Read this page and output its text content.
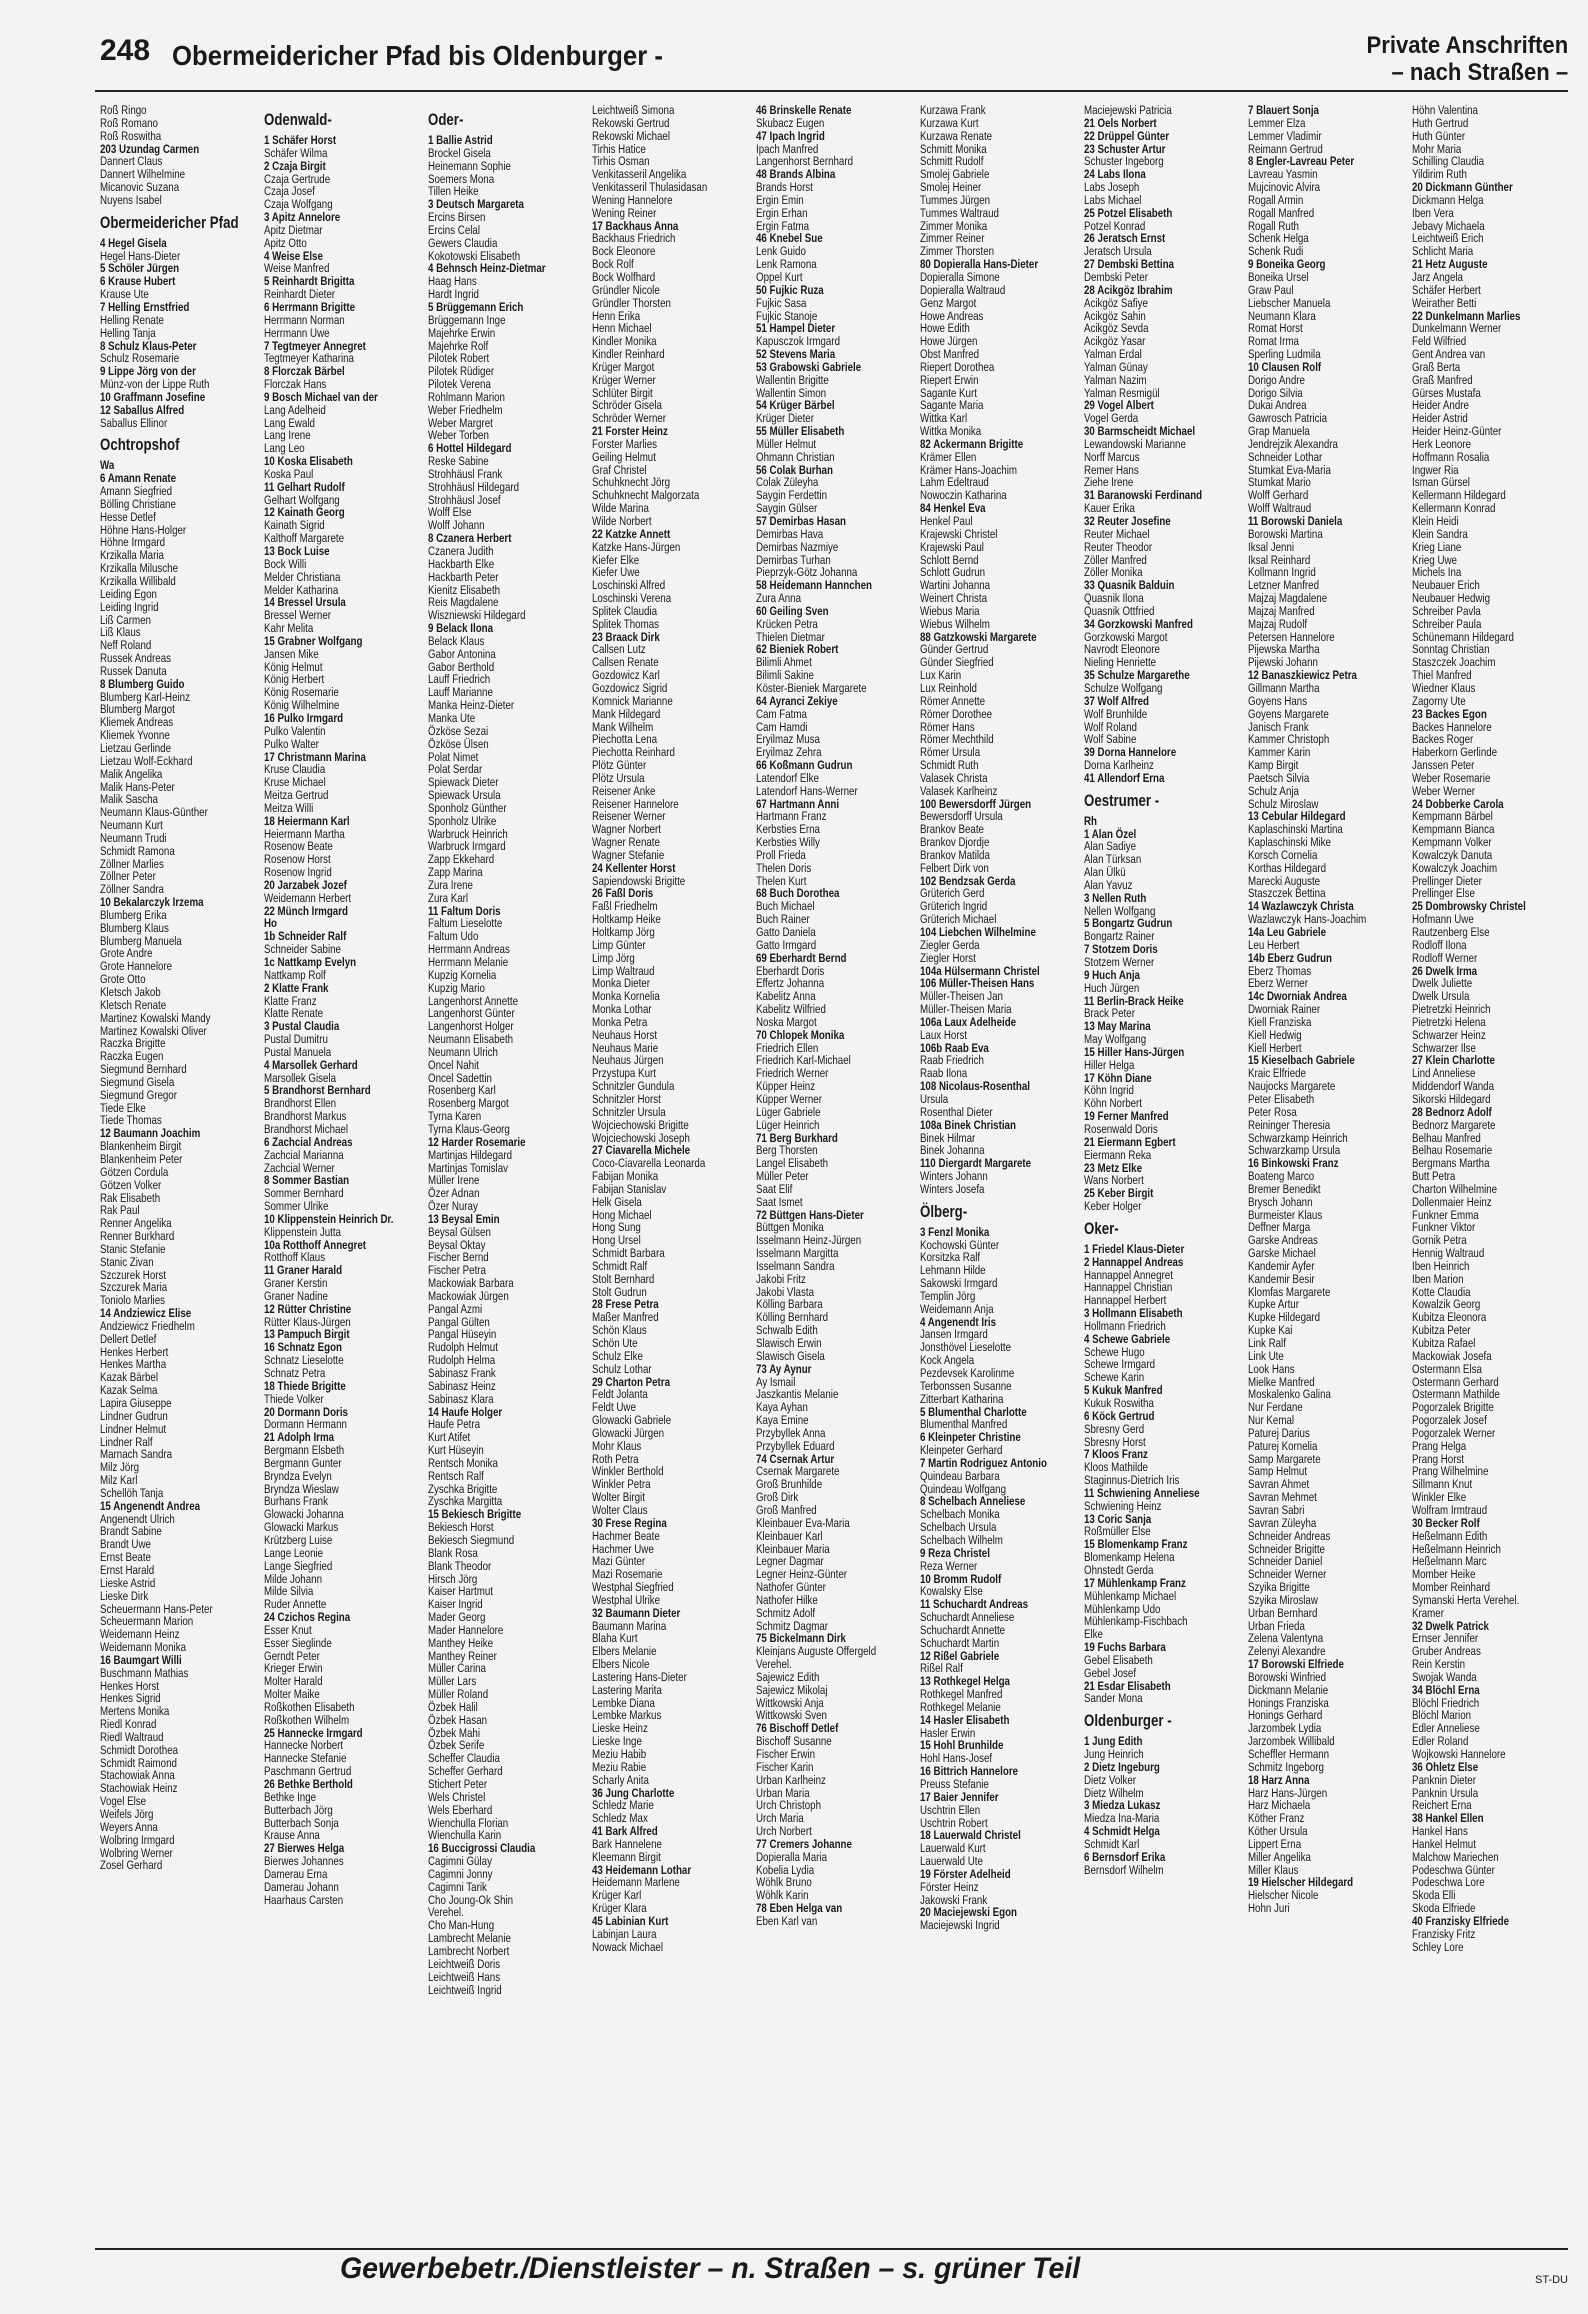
248 Obermeidericher Pfad bis Oldenburger -	Private Anschriften
– nach Straßen –
Roß Ringo
Roß Romano
Roß Roswitha
203 Uzundag Carmen
Dannert Claus
Dannert Wilhelmine
Micanovic Suzana
Nuyens Isabel
Obermeidericher Pfad
4 Hegel Gisela
Hegel Hans-Dieter
5 Schöler Jürgen
6 Krause Hubert
Krause Ute
7 Helling Ernstfried
Helling Renate
Helling Tanja
8 Schulz Klaus-Peter
Schulz Rosemarie
9 Lippe Jörg von der
Münz-von der Lippe Ruth
10 Graffmann Josefine
12 Saballus Alfred
Saballus Ellinor
Ochtropshof
Wa
6 Amann Renate
Amann Siegfried
Bölling Christiane
Hesse Detlef
Höhne Hans-Holger
Höhne Irmgard
Krzikalla Maria
Krzikalla Milusche
Krzikalla Willibald
Leiding Egon
Leiding Ingrid
Liß Carmen
Liß Klaus
Neff Roland
Russek Andreas
Russek Danuta
8 Blumberg Guido
Blumberg Karl-Heinz
Blumberg Margot
Kliemek Andreas
Kliemek Yvonne
Lietzau Gerlinde
Lietzau Wolf-Eckhard
Malik Angelika
Malik Hans-Peter
Malik Sascha
Neumann Klaus-Günther
Neumann Kurt
Neumann Trudi
Schmidt Ramona
Zöllner Marlies
Zöllner Peter
Zöllner Sandra
10 Bekalarczyk Irzema
Blumberg Erika
Blumberg Klaus
Blumberg Manuela
Grote Andre
Grote Hannelore
Grote Otto
Kletsch Jakob
Kletsch Renate
Martinez Kowalski Mandy
Martinez Kowalski Oliver
Raczka Brigitte
Raczka Eugen
Siegmund Bernhard
Siegmund Gisela
Siegmund Gregor
Tiede Elke
Tiede Thomas
12 Baumann Joachim
Blankenheim Birgit
Blankenheim Peter
Götzen Cordula
Götzen Volker
Rak Elisabeth
Rak Paul
Renner Angelika
Renner Burkhard
Stanic Stefanie
Stanic Zivan
Szczurek Horst
Szczurek Maria
Toniolo Marlies
14 Andziewicz Elise
Andziewicz Friedhelm
Dellert Detlef
Henkes Herbert
Henkes Martha
Kazak Bärbel
Kazak Selma
Lapira Giuseppe
Lindner Gudrun
Lindner Helmut
Lindner Ralf
Marnach Sandra
Milz Jörg
Milz Karl
Schellöh Tanja
15 Angenendt Andrea
Angenendt Ulrich
Brandt Sabine
Brandt Uwe
Ernst Beate
Ernst Harald
Lieske Astrid
Lieske Dirk
Scheuermann Hans-Peter
Scheuermann Marion
Weidemann Heinz
Weidemann Monika
16 Baumgart Willi
Buschmann Mathias
Henkes Horst
Henkes Sigrid
Mertens Monika
Riedl Konrad
Riedl Waltraud
Schmidt Dorothea
Schmidt Raimond
Stachowiak Anna
Stachowiak Heinz
Vogel Else
Weifels Jörg
Weyers Anna
Wolbring Irmgard
Wolbring Werner
Zosel Gerhard
Odenwald-
1 Schäfer Horst
Schäfer Wilma
2 Czaja Birgit
Czaja Gertrude
Czaja Josef
Czaja Wolfgang
3 Apitz Annelore
Apitz Dietmar
Apitz Otto
4 Weise Else
Weise Manfred
5 Reinhardt Brigitta
Reinhardt Dieter
6 Herrmann Brigitte
Herrmann Norman
Herrmann Uwe
7 Tegtmeyer Annegret
Tegtmeyer Katharina
8 Florczak Bärbel
Florczak Hans
9 Bosch Michael van der
Lang Adelheid
Lang Ewald
Lang Irene
Lang Leo
10 Koska Elisabeth
Koska Paul
11 Gelhart Rudolf
Gelhart Wolfgang
12 Kainath Georg
Kainath Sigrid
Kalthoff Margarete
13 Bock Luise
Bock Willi
Melder Christiana
Melder Katharina
14 Bressel Ursula
Bressel Werner
Kahr Melita
15 Grabner Wolfgang
Jansen Mike
König Helmut
König Herbert
König Rosemarie
König Wilhelmine
16 Pulko Irmgard
Pulko Valentin
Pulko Walter
17 Christmann Marina
Kruse Claudia
Kruse Michael
Meitza Gertrud
Meitza Willi
18 Heiermann Karl
Heiermann Martha
Rosenow Beate
Rosenow Horst
Rosenow Ingrid
20 Jarzabek Jozef
Weidemann Herbert
22 Münch Irmgard
Ho
1b Schneider Ralf
Schneider Sabine
1c Nattkamp Evelyn
Nattkamp Rolf
2 Klatte Frank
Klatte Franz
Klatte Renate
3 Pustal Claudia
Pustal Dumitru
Pustal Manuela
4 Marsollek Gerhard
Marsollek Gisela
5 Brandhorst Bernhard
Brandhorst Ellen
Brandhorst Markus
Brandhorst Michael
6 Zachcial Andreas
Zachcial Marianna
Zachcial Werner
8 Sommer Bastian
Sommer Bernhard
Sommer Ulrike
10 Klippenstein Heinrich Dr.
Klippenstein Jutta
10a Rotthoff Annegret
Rotthoff Klaus
11 Graner Harald
Graner Kerstin
Graner Nadine
12 Rütter Christine
Rütter Klaus-Jürgen
13 Pampuch Birgit
16 Schnatz Egon
Schnatz Lieselotte
Schnatz Petra
18 Thiede Brigitte
Thiede Volker
20 Dormann Doris
Dormann Hermann
21 Adolph Irma
Bergmann Elsbeth
Bergmann Gunter
Bryndza Evelyn
Bryndza Wieslaw
Burhans Frank
Glowacki Johanna
Glowacki Markus
Krützberg Luise
Lange Leonie
Lange Siegfried
Milde Johann
Milde Silvia
Ruder Annette
24 Czichos Regina
Esser Knut
Esser Sieglinde
Gerndt Peter
Krieger Erwin
Molter Harald
Molter Maike
Roßkothen Elisabeth
Roßkothen Wilhelm
25 Hannecke Irmgard
Hannecke Norbert
Hannecke Stefanie
Paschmann Gertrud
26 Bethke Berthold
Bethke Inge
Butterbach Jörg
Butterbach Sonja
Krause Anna
27 Bierwes Helga
Bierwes Johannes
Damerau Erna
Damerau Johann
Haarhaus Carsten
Oder-
1 Ballie Astrid
Brockel Gisela
Heinemann Sophie
Soemers Mona
Tillen Heike
3 Deutsch Margareta
Ercins Birsen
Ercins Celal
Gewers Claudia
Kokotowski Elisabeth
4 Behnsch Heinz-Dietmar
Haag Hans
Hardt Ingrid
5 Brüggemann Erich
Brüggemann Inge
Majehrke Erwin
Majehrke Rolf
Pilotek Robert
Pilotek Rüdiger
Pilotek Verena
Rohlmann Marion
Weber Friedhelm
Weber Margret
Weber Torben
6 Hottel Hildegard
Reske Sabine
Strohhäusl Frank
Strohhäusl Hildegard
Strohhäusl Josef
Wolff Else
Wolff Johann
8 Czanera Herbert
Czanera Judith
Hackbarth Elke
Hackbarth Peter
Kienitz Elisabeth
Reis Magdalene
Wiszniewski Hildegard
9 Belack Ilona
Belack Klaus
Gabor Antonina
Gabor Berthold
Lauff Friedrich
Lauff Marianne
Manka Heinz-Dieter
Manka Ute
Özköse Sezai
Özköse Ülsen
Polat Nimet
Polat Serdar
Spiewack Dieter
Spiewack Ursula
Sponholz Günther
Sponholz Ulrike
Warbruck Heinrich
Warbruck Irmgard
Zapp Ekkehard
Zapp Marina
Zura Irene
Zura Karl
11 Faltum Doris
Faltum Lieselotte
Faltum Udo
Herrmann Andreas
Herrmann Melanie
Kupzig Kornelia
Kupzig Mario
Langenhorst Annette
Langenhorst Günter
Langenhorst Holger
Neumann Elisabeth
Neumann Ulrich
Oncel Nahit
Oncel Sadettin
Rosenberg Karl
Rosenberg Margot
Tyrna Karen
Tyrna Klaus-Georg
12 Harder Rosemarie
Martinjas Hildegard
Martinjas Tomislav
Müller Irene
Özer Adnan
Özer Nuray
13 Beysal Emin
Beysal Gülsen
Beysal Oktay
Fischer Bernd
Fischer Petra
Mackowiak Barbara
Mackowiak Jürgen
Pangal Azmi
Pangal Gülten
Pangal Hüseyin
Rudolph Helmut
Rudolph Helma
Sabinasz Frank
Sabinasz Heinz
Sabinasz Klara
14 Haufe Holger
Haufe Petra
Kurt Atifet
Kurt Hüseyin
Rentsch Monika
Rentsch Ralf
Zyschka Brigitte
Zyschka Margitta
15 Bekiesch Brigitte
Bekiesch Horst
Bekiesch Siegmund
Blank Rosa
Blank Theodor
Hirsch Jörg
Kaiser Hartmut
Kaiser Ingrid
Mader Georg
Mader Hannelore
Manthey Heike
Manthey Reiner
Müller Carina
Müller Lars
Müller Roland
Özbek Halil
Özbek Hasan
Özbek Mahi
Özbek Serife
Scheffer Claudia
Scheffer Gerhard
Stichert Peter
Wels Christel
Wels Eberhard
Wienchulla Florian
Wienchulla Karin
16 Buccigrossi Claudia
Cagimni Gülay
Cagimni Jonny
Cagimni Tarik
Cho Joung-Ok Shin
Verehel.
Cho Man-Hung
Lambrecht Melanie
Lambrecht Norbert
Leichtweiß Doris
Leichtweiß Hans
Leichtweiß Ingrid
Leichtweiß Simona
Rekowski Gertrud
Rekowski Michael
Tirhis Hatice
Tirhis Osman
Venkitasseril Angelika
Venkitasseril Thulasidasan
Wening Hannelore
Wening Reiner
17 Backhaus Anna
Backhaus Friedrich
Bock Eleonore
Bock Rolf
Bock Wolfhard
Gründler Nicole
Gründler Thorsten
Henn Erika
Henn Michael
Kindler Monika
Kindler Reinhard
Krüger Margot
Krüger Werner
Schlüter Birgit
Schröder Gisela
Schröder Werner
21 Forster Heinz
Forster Marlies
Geiling Helmut
Graf Christel
Schuhknecht Jörg
Schuhknecht Malgorzata
Wilde Marina
Wilde Norbert
22 Katzke Annett
Katzke Hans-Jürgen
Kiefer Elke
Kiefer Uwe
Loschinski Alfred
Loschinski Verena
Splitek Claudia
Splitek Thomas
23 Braack Dirk
Callsen Lutz
Callsen Renate
Gozdowicz Karl
Gozdowicz Sigrid
Komnick Marianne
Mank Hildegard
Mank Wilhelm
Piechotta Lena
Piechotta Reinhard
Plötz Günter
Plötz Ursula
Reisener Anke
Reisener Hannelore
Reisener Werner
Wagner Norbert
Wagner Renate
Wagner Stefanie
24 Kellenter Horst
Sapiendowski Brigitte
26 Faßl Doris
Faßl Friedhelm
Holtkamp Heike
Holtkamp Jörg
Limp Günter
Limp Jörg
Limp Waltraud
Monka Dieter
Monka Kornelia
Monka Lothar
Monka Petra
Neuhaus Horst
Neuhaus Marie
Neuhaus Jürgen
Przystupa Kurt
Schnitzler Gundula
Schnitzler Horst
Schnitzler Ursula
Wojciechowski Brigitte
Wojciechowski Joseph
27 Ciavarella Michele
Coco-Ciavarella Leonarda
Fabijan Monika
Fabijan Stanislav
Helk Gisela
Hong Michael
Hong Sung
Hong Ursel
Schmidt Barbara
Schmidt Ralf
Stolt Bernhard
Stolt Gudrun
28 Frese Petra
Maßer Manfred
Schön Klaus
Schön Ute
Schulz Elke
Schulz Lothar
29 Charton Petra
Feldt Jolanta
Feldt Uwe
Glowacki Gabriele
Glowacki Jürgen
Mohr Klaus
Roth Petra
Winkler Berthold
Winkler Petra
Wolter Birgit
Wolter Claus
30 Frese Regina
Hachmer Beate
Hachmer Uwe
Mazi Günter
Mazi Rosemarie
Westphal Siegfried
Westphal Ulrike
32 Baumann Dieter
Baumann Marina
Blaha Kurt
Elbers Melanie
Elbers Nicole
Lastering Hans-Dieter
Lastering Marita
Lembke Diana
Lembke Markus
Lieske Heinz
Lieske Inge
Meziu Habib
Meziu Rabie
Scharly Anita
36 Jung Charlotte
Schledz Marie
Schledz Max
41 Bark Alfred
Bark Hannelene
Kleemann Birgit
43 Heidemann Lothar
Heidemann Marlene
Krüger Karl
Krüger Klara
45 Labinian Kurt
Labinjan Laura
Nowack Michael
46 Brinskelle Renate
Skubacz Eugen
47 Ipach Ingrid
Ipach Manfred
Langenhorst Bernhard
48 Brands Albina
Brands Horst
Ergin Emin
Ergin Erhan
Ergin Fatma
46 Knebel Sue
Lenk Guido
Lenk Ramona
Oppel Kurt
50 Fujkic Ruza
Fujkic Sasa
Fujkic Stanoje
51 Hampel Dieter
Kapusczok Irmgard
52 Stevens Maria
53 Grabowski Gabriele
Wallentin Brigitte
Wallentin Simon
54 Krüger Bärbel
Krüger Dieter
55 Müller Elisabeth
Müller Helmut
Ohmann Christian
56 Colak Burhan
Colak Züleyha
Saygin Ferdettin
Saygin Gülser
57 Demirbas Hasan
Demirbas Hava
Demirbas Nazmiye
Demirbas Turhan
Pieprzyk-Götz Johanna
58 Heidemann Hannchen
Zura Anna
60 Geiling Sven
Krücken Petra
Thielen Dietmar
62 Bieniek Robert
Bilimli Ahmet
Bilimli Sakine
Köster-Bieniek Margarete
64 Ayranci Zekiye
Cam Fatma
Cam Hamdi
Eryilmaz Musa
Eryilmaz Zehra
66 Koßmann Gudrun
Latendorf Elke
Latendorf Hans-Werner
67 Hartmann Anni
Hartmann Franz
Kerbsties Erna
Kerbsties Willy
Proll Frieda
Thelen Doris
Thelen Kurt
68 Buch Dorothea
Buch Michael
Buch Rainer
Gatto Daniela
Gatto Irmgard
69 Eberhardt Bernd
Eberhardt Doris
Effertz Johanna
Kabelitz Anna
Kabelitz Wilfried
Noska Margot
70 Chlopek Monika
Friedrich Ellen
Friedrich Karl-Michael
Friedrich Werner
Küpper Heinz
Küpper Werner
Lüger Gabriele
Lüger Heinrich
71 Berg Burkhard
Berg Thorsten
Langel Elisabeth
Müller Peter
Saat Elif
Saat Ismet
72 Büttgen Hans-Dieter
Büttgen Monika
Isselmann Heinz-Jürgen
Isselmann Margitta
Isselmann Sandra
Jakobi Fritz
Jakobi Vlasta
Kölling Barbara
Kölling Bernhard
Schwalb Edith
Slawisch Erwin
Slawisch Gisela
73 Ay Aynur
Ay Ismail
Jaszkantis Melanie
Kaya Ayhan
Kaya Emine
Przybyllek Anna
Przybyllek Eduard
74 Csernak Artur
Csernak Margarete
Groß Brunhilde
Groß Dirk
Groß Manfred
Kleinbauer Eva-Maria
Kleinbauer Karl
Kleinbauer Maria
Legner Dagmar
Legner Heinz-Günter
Nathofer Günter
Nathofer Hilke
Schmitz Adolf
Schmitz Dagmar
75 Bickelmann Dirk
Kleinjans Auguste Offergeld
Verehel.
Sajewicz Edith
Sajewicz Mikolaj
Wittkowski Anja
Wittkowski Sven
76 Bischoff Detlef
Bischoff Susanne
Fischer Erwin
Fischer Karin
Urban Karlheinz
Urban Maria
Urch Christoph
Urch Maria
Urch Norbert
77 Cremers Johanne
Dopieralla Maria
Kobelia Lydia
Wöhlk Bruno
Wöhlk Karin
78 Eben Helga van
Eben Karl van
Kurzawa Frank
Kurzawa Kurt
Kurzawa Renate
Schmitt Monika
Schmitt Rudolf
Smolej Gabriele
Smolej Heiner
Tummes Jürgen
Tummes Waltraud
Zimmer Monika
Zimmer Reiner
Zimmer Thorsten
80 Dopieralla Hans-Dieter
Dopieralla Simone
Dopieralla Waltraud
Genz Margot
Howe Andreas
Howe Edith
Howe Jürgen
Obst Manfred
Riepert Dorothea
Riepert Erwin
Sagante Kurt
Sagante Maria
Wittka Karl
Wittka Monika
82 Ackermann Brigitte
Krämer Ellen
Krämer Hans-Joachim
Lahm Edeltraud
Nowoczin Katharina
84 Henkel Eva
Henkel Paul
Krajewski Christel
Krajewski Paul
Schlott Bernd
Schlott Gudrun
Wartini Johanna
Weinert Christa
Wiebus Maria
Wiebus Wilhelm
88 Gatzkowski Margarete
Günder Gertrud
Günder Siegfried
Lux Karin
Lux Reinhold
Römer Annette
Römer Dorothee
Römer Hans
Römer Mechthild
Römer Ursula
Schmidt Ruth
Valasek Christa
Valasek Karlheinz
100 Bewersdorff Jürgen
Bewersdorff Ursula
Brankov Beate
Brankov Djordje
Brankov Matilda
Felbert Dirk von
102 Bendzsak Gerda
Grüterich Gerd
Grüterich Ingrid
Grüterich Michael
104 Liebchen Wilhelmine
Ziegler Gerda
Ziegler Horst
104a Hülsermann Christel
106 Müller-Theisen Hans
Müller-Theisen Jan
Müller-Theisen Maria
106a Laux Adelheide
Laux Horst
106b Raab Eva
Raab Friedrich
Raab Ilona
108 Nicolaus-Rosenthal
Ursula
Rosenthal Dieter
108a Binek Christian
Binek Hilmar
Binek Johanna
110 Diergardt Margarete
Winters Johann
Winters Josefa
Ölberg-
3 Fenzl Monika
Kochowski Günter
Korsitzka Ralf
Lehmann Hilde
Sakowski Irmgard
Templin Jörg
Weidemann Anja
4 Angenendt Iris
Jansen Irmgard
Jonsthövel Lieselotte
Kock Angela
Pezdevsek Karolinme
Terbonssen Susanne
Zitterbart Katharina
5 Blumenthal Charlotte
Blumenthal Manfred
6 Kleinpeter Christine
Kleinpeter Gerhard
7 Martin Rodriguez Antonio
Quindeau Barbara
Quindeau Wolfgang
8 Schelbach Anneliese
Schelbach Monika
Schelbach Ursula
Schelbach Wilhelm
9 Reza Christel
Reza Werner
10 Bromm Rudolf
Kowalsky Else
11 Schuchardt Andreas
Schuchardt Anneliese
Schuchardt Annette
Schuchardt Martin
12 Rißel Gabriele
Rißel Ralf
13 Rothkegel Helga
Rothkegel Manfred
Rothkegel Melanie
14 Hasler Elisabeth
Hasler Erwin
15 Hohl Brunhilde
Hohl Hans-Josef
16 Bittrich Hannelore
Preuss Stefanie
17 Baier Jennifer
Uschtrin Ellen
Uschtrin Robert
18 Lauerwald Christel
Lauerwald Kurt
Lauerwald Ute
19 Förster Adelheid
Förster Heinz
Jakowski Frank
20 Maciejewski Egon
Maciejewski Ingrid
Maciejewski Patricia
21 Oels Norbert
22 Drüppel Günter
23 Schuster Artur
Schuster Ingeborg
24 Labs Ilona
Labs Joseph
Labs Michael
25 Potzel Elisabeth
Potzel Konrad
26 Jeratsch Ernst
Jeratsch Ursula
27 Dembski Bettina
Dembski Peter
28 Acikgöz Ibrahim
Acikgöz Safiye
Acikgöz Sahin
Acikgöz Sevda
Acikgöz Yasar
Yalman Erdal
Yalman Günay
Yalman Nazim
Yalman Resmigül
29 Vogel Albert
Vogel Gerda
30 Barmscheidt Michael
Lewandowski Marianne
Norff Marcus
Remer Hans
Ziehe Irene
31 Baranowski Ferdinand
Kauer Erika
32 Reuter Josefine
Reuter Michael
Reuter Theodor
Zöller Manfred
Zöller Monika
33 Quasnik Balduin
Quasnik Ilona
Quasnik Ottfried
34 Gorzkowski Manfred
Gorzkowski Margot
Navrodt Eleonore
Nieling Henriette
35 Schulze Margarethe
Schulze Wolfgang
37 Wolf Alfred
Wolf Brunhilde
Wolf Roland
Wolf Sabine
39 Dorna Hannelore
Dorna Karlheinz
41 Allendorf Erna
Oestrumer -
Rh
1 Alan Özel
Alan Sadiye
Alan Türksan
Alan Ülkü
Alan Yavuz
3 Nellen Ruth
Nellen Wolfgang
5 Bongartz Gudrun
Bongartz Rainer
7 Stotzem Doris
Stotzem Werner
9 Huch Anja
Huch Jürgen
11 Berlin-Brack Heike
Brack Peter
13 May Marina
May Wolfgang
15 Hiller Hans-Jürgen
Hiller Helga
17 Köhn Diane
Köhn Ingrid
Köhn Norbert
19 Ferner Manfred
Rosenwald Doris
21 Eiermann Egbert
Eiermann Reka
23 Metz Elke
Wans Norbert
25 Keber Birgit
Keber Holger
Oker-
1 Friedel Klaus-Dieter
2 Hannappel Andreas
Hannappel Annegret
Hannappel Christian
Hannappel Herbert
3 Hollmann Elisabeth
Hollmann Friedrich
4 Schewe Gabriele
Schewe Hugo
Schewe Irmgard
Schewe Karin
5 Kukuk Manfred
Kukuk Roswitha
6 Köck Gertrud
Sbresny Gerd
Sbresny Horst
7 Kloos Franz
Kloos Mathilde
Staginnus-Dietrich Iris
11 Schwiening Anneliese
Schwiening Heinz
13 Coric Sanja
Roßmüller Else
15 Blomenkamp Franz
Blomenkamp Helena
Ohnstedt Gerda
17 Mühlenkamp Franz
Mühlenkamp Michael
Mühlenkamp Udo
Mühlenkamp-Fischbach
Elke
19 Fuchs Barbara
Gebel Elisabeth
Gebel Josef
21 Esdar Elisabeth
Sander Mona
Oldenburger -
1 Jung Edith
Jung Heinrich
2 Dietz Ingeburg
Dietz Volker
Dietz Wilhelm
3 Miedza Lukasz
Miedza Ina-Maria
4 Schmidt Helga
Schmidt Karl
6 Bernsdorf Erika
Bernsdorf Wilhelm
7 Blauert Sonja
Lemmer Elza
Lemmer Vladimir
Reimann Gertrud
8 Engler-Lavreau Peter
Lavreau Yasmin
Mujcinovic Alvira
Rogall Armin
Rogall Manfred
Rogall Ruth
Schenk Helga
Schenk Rudi
9 Boneika Georg
Boneika Ursel
Graw Paul
Liebscher Manuela
Neumann Klara
Romat Horst
Romat Irma
Sperling Ludmila
10 Clausen Rolf
Dorigo Andre
Dorigo Silvia
Dukai Andrea
Gawrosch Patricia
Grap Manuela
Jendrejzik Alexandra
Schneider Lothar
Stumkat Eva-Maria
Stumkat Mario
Wolff Gerhard
Wolff Waltraud
11 Borowski Daniela
Borowski Martina
Iksal Jenni
Iksal Reinhard
Kollmann Ingrid
Letzner Manfred
Majzaj Magdalene
Majzaj Manfred
Majzaj Rudolf
Petersen Hannelore
Pijewska Martha
Pijewski Johann
12 Banaszkiewicz Petra
Gillmann Martha
Goyens Hans
Goyens Margarete
Janisch Frank
Kammer Christoph
Kammer Karin
Kamp Birgit
Paetsch Silvia
Schulz Anja
Schulz Miroslaw
13 Cebular Hildegard
Kaplaschinski Martina
Kaplaschinski Mike
Korsch Cornelia
Korthas Hildegard
Marecki Auguste
Staszczek Bettina
14 Wazlawczyk Christa
Wazlawczyk Hans-Joachim
14a Leu Gabriele
Leu Herbert
14b Eberz Gudrun
Eberz Thomas
Eberz Werner
14c Dworniak Andrea
Dworniak Rainer
Kiell Franziska
Kiell Hedwig
Kiell Herbert
15 Kieselbach Gabriele
Kraic Elfriede
Naujocks Margarete
Peter Elisabeth
Peter Rosa
Reininger Theresia
Schwarzkamp Heinrich
Schwarzkamp Ursula
16 Binkowski Franz
Boateng Marco
Bremer Benedikt
Brysch Johann
Burmeister Klaus
Deffner Marga
Garske Andreas
Garske Michael
Kandemir Ayfer
Kandemir Besir
Klomfas Margarete
Kupke Artur
Kupke Hildegard
Kupke Kai
Link Ralf
Link Ute
Look Hans
Mielke Manfred
Moskalenko Galina
Nur Ferdane
Nur Kemal
Paturej Darius
Paturej Kornelia
Samp Margarete
Samp Helmut
Savran Ahmet
Savran Mehmet
Savran Sabri
Savran Züleyha
Schneider Andreas
Schneider Brigitte
Schneider Daniel
Schneider Werner
Szyika Brigitte
Szyika Miroslaw
Urban Bernhard
Urban Frieda
Zelena Valentyna
Zelenyi Alexandre
17 Borowski Elfriede
Borowski Winfried
Dickmann Melanie
Honings Franziska
Honings Gerhard
Jarzombek Lydia
Jarzombek Willibald
Scheffler Hermann
Schmitz Ingeborg
18 Harz Anna
Harz Hans-Jürgen
Harz Michaela
Köther Franz
Köther Ursula
Lippert Erna
Miller Angelika
Miller Klaus
19 Hielscher Hildegard
Hielscher Nicole
Hohn Juri
Höhn Valentina
Huth Gertrud
Huth Günter
Mohr Maria
Schilling Claudia
Yildirim Ruth
20 Dickmann Günther
Dickmann Helga
Iben Vera
Jebavy Michaela
Leichtweiß Erich
Schlicht Maria
21 Hetz Auguste
Jarz Angela
Schäfer Herbert
Weirather Betti
22 Dunkelmann Marlies
Dunkelmann Werner
Feld Wilfried
Gent Andrea van
Graß Berta
Graß Manfred
Gürses Mustafa
Heider Andre
Heider Astrid
Heider Heinz-Günter
Herk Leonore
Hoffmann Rosalia
Ingwer Ria
Isman Gürsel
Kellermann Hildegard
Kellermann Konrad
Klein Heidi
Klein Sandra
Krieg Liane
Krieg Uwe
Michels Ina
Neubauer Erich
Neubauer Hedwig
Schreiber Pavla
Schreiber Paula
Schünemann Hildegard
Sonntag Christian
Staszczek Joachim
Thiel Manfred
Wiedner Klaus
Zagorny Ute
23 Backes Egon
Backes Hannelore
Backes Roger
Haberkorn Gerlinde
Janssen Peter
Weber Rosemarie
Weber Werner
24 Dobberke Carola
Kempmann Bärbel
Kempmann Bianca
Kempmann Volker
Kowalczyk Danuta
Kowalczyk Joachim
Prellinger Dieter
Prellinger Else
25 Dombrowsky Christel
Hofmann Uwe
Rautzenberg Else
Rodloff Ilona
Rodloff Werner
26 Dwelk Irma
Dwelk Juliette
Dwelk Ursula
Pietretzki Heinrich
Pietretzki Helena
Schwarzer Heinz
Schwarzer Ilse
27 Klein Charlotte
Lind Anneliese
Middendorf Wanda
Sikorski Hildegard
28 Bednorz Adolf
Bednorz Margarete
Belhau Manfred
Belhau Rosemarie
Bergmans Martha
Butt Petra
Charton Wilhelmine
Dollenmaier Heinz
Funkner Emma
Funkner Viktor
Gornik Petra
Hennig Waltraud
Iben Heinrich
Iben Marion
Kotte Claudia
Kowalzik Georg
Kubitza Eleonora
Kubitza Peter
Kubitza Rafael
Mackowiak Josefa
Ostermann Elsa
Ostermann Gerhard
Ostermann Mathilde
Pogorzalek Brigitte
Pogorzalek Josef
Pogorzalek Werner
Prang Helga
Prang Horst
Prang Wilhelmine
Sillmann Knut
Winkler Elke
Wolfram Irmtraud
30 Becker Rolf
Heßelmann Edith
Heßelmann Heinrich
Heßelmann Marc
Momber Heike
Momber Reinhard
Symanski Herta Verehel.
Kramer
32 Dwelk Patrick
Ernser Jennifer
Gruber Andreas
Rein Kerstin
Swojak Wanda
34 Blöchl Erna
Blöchl Friedrich
Blöchl Marion
Edler Anneliese
Edler Roland
Wojkowski Hannelore
36 Ohletz Else
Panknin Dieter
Panknin Ursula
Reichert Erna
38 Hankel Ellen
Hankel Hans
Hankel Helmut
Malchow Mariechen
Podeschwa Günter
Podeschwa Lore
Skoda Elli
Skoda Elfriede
40 Franzisky Elfriede
Franzisky Fritz
Schley Lore
Gewerbebetr./Dienstleister – n. Straßen – s. grüner Teil	ST-DU
